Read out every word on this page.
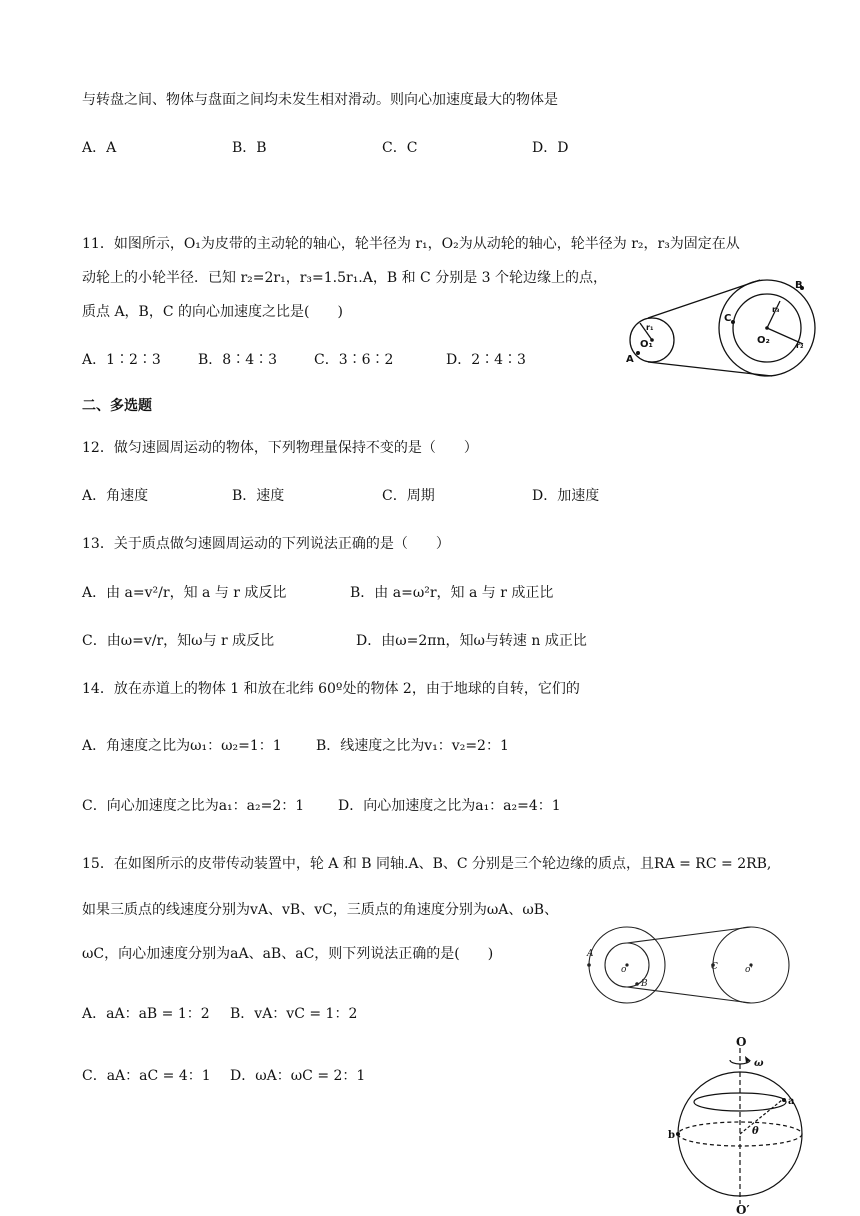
与转盘之间、物体与盘面之间均未发生相对滑动。则向心加速度最大的物体是
A．A	B．B	C．C	D．D
11．如图所示，O₁为皮带的主动轮的轴心，轮半径为 r₁，O₂为从动轮的轴心，轮半径为 r₂，r₃为固定在从
动轮上的小轮半径．已知 r₂=2r₁，r₃=1.5r₁.A，B 和 C 分别是 3 个轮边缘上的点，
质点 A，B，C 的向心加速度之比是(　　)
A．1∶2∶3	B．8∶4∶3	C．3∶6∶2	D．2∶4∶3	A
B
C
O₁	O₂
r₁
r₃
r₂
二、多选题
12．做匀速圆周运动的物体，下列物理量保持不变的是（　　）
A．角速度	B．速度	C．周期	D．加速度
13．关于质点做匀速圆周运动的下列说法正确的是（　　）
A．由 a=v²/r，知 a 与 r 成反比	B．由 a=ω²r，知 a 与 r 成正比
C．由ω=v/r，知ω与 r 成反比	D．由ω=2πn，知ω与转速 n 成正比
14．放在赤道上的物体 1 和放在北纬 60º处的物体 2，由于地球的自转，它们的
A．角速度之比为ω₁：ω₂=1：1 B．线速度之比为v₁：v₂=2：1
C．向心加速度之比为a₁：a₂=2：1 D．向心加速度之比为a₁：a₂=4：1
15．在如图所示的皮带传动装置中，轮 A 和 B 同轴.A、B、C 分别是三个轮边缘的质点，且RA = RC = 2RB,
如果三质点的线速度分别为vA、vB、vC，三质点的角速度分别为ωA、ωB、
ωC，向心加速度分别为aA、aB、aC，则下列说法正确的是(　　)
A．aA：aB = 1：2 B．vA：vC = 1：2
C．aA：aC = 4：1 D．ωA：ωC = 2：1
A
B
C
o	o'
O
ω
a
b	θ
O′
